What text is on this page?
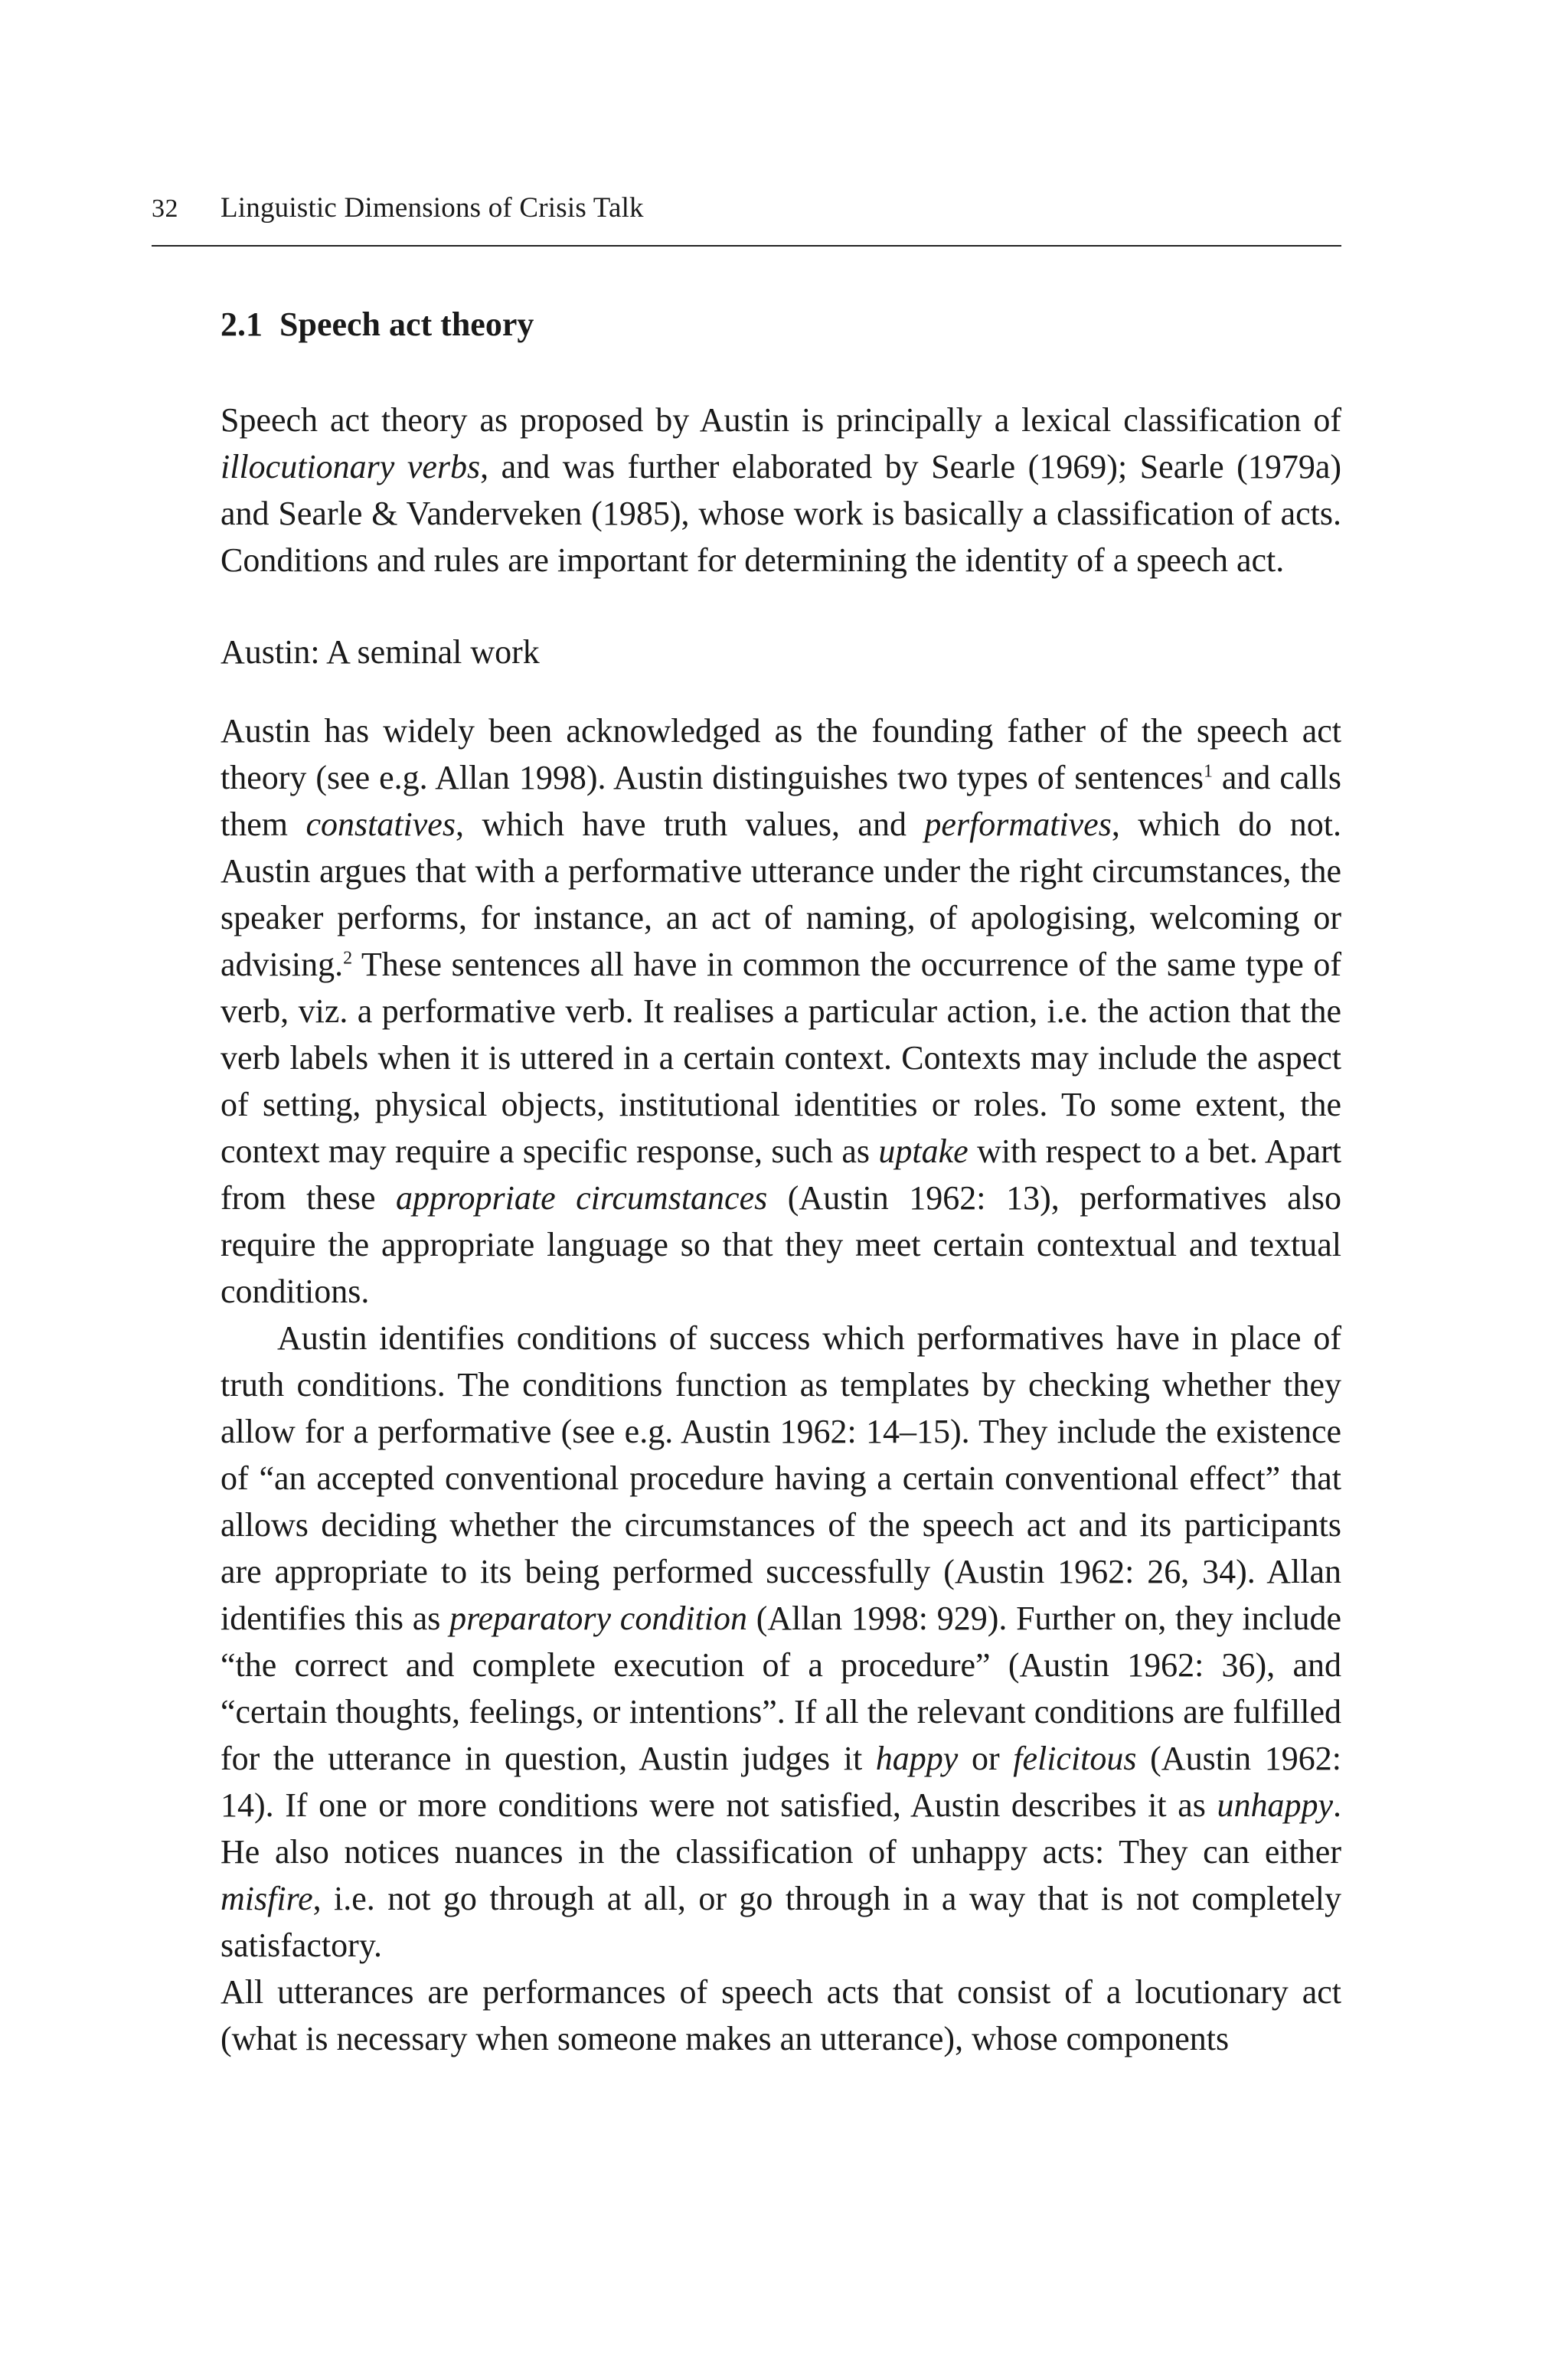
32 Linguistic Dimensions of Crisis Talk
2.1 Speech act theory

Speech act theory as proposed by Austin is principally a lexical classification of illocutionary verbs, and was further elaborated by Searle (1969); Searle (1979a) and Searle & Vanderveken (1985), whose work is basically a classification of acts. Conditions and rules are important for determining the identity of a speech act.

Austin: A seminal work

Austin has widely been acknowledged as the founding father of the speech act theory (see e.g. Allan 1998). Austin distinguishes two types of sentences$^1$ and calls them constatives, which have truth values, and performatives, which do not. Austin argues that with a performative utterance under the right circumstances, the speaker performs, for instance, an act of naming, of apologising, welcoming or advising.$^2$ These sentences all have in common the occurrence of the same type of verb, viz. a performative verb. It realises a particular action, i.e. the action that the verb labels when it is uttered in a certain context. Contexts may include the aspect of setting, physical objects, institutional identities or roles. To some extent, the context may require a specific response, such as uptake with respect to a bet. Apart from these appropriate circumstances (Austin 1962: 13), performatives also require the appropriate language so that they meet certain contextual and textual conditions.

Austin identifies conditions of success which performatives have in place of truth conditions. The conditions function as templates by checking whether they allow for a performative (see e.g. Austin 1962: 14–15). They include the existence of “an accepted conventional procedure having a certain conventional effect” that allows deciding whether the circumstances of the speech act and its participants are appropriate to its being performed successfully (Austin 1962: 26, 34). Allan identifies this as preparatory condition (Allan 1998: 929). Further on, they include “the correct and complete execution of a procedure” (Austin 1962: 36), and “certain thoughts, feelings, or intentions”. If all the relevant conditions are fulfilled for the utterance in question, Austin judges it happy or felicitous (Austin 1962: 14). If one or more conditions were not satisfied, Austin describes it as unhappy. He also notices nuances in the classification of unhappy acts: They can either misfire, i.e. not go through at all, or go through in a way that is not completely satisfactory.

All utterances are performances of speech acts that consist of a locutionary act (what is necessary when someone makes an utterance), whose components
